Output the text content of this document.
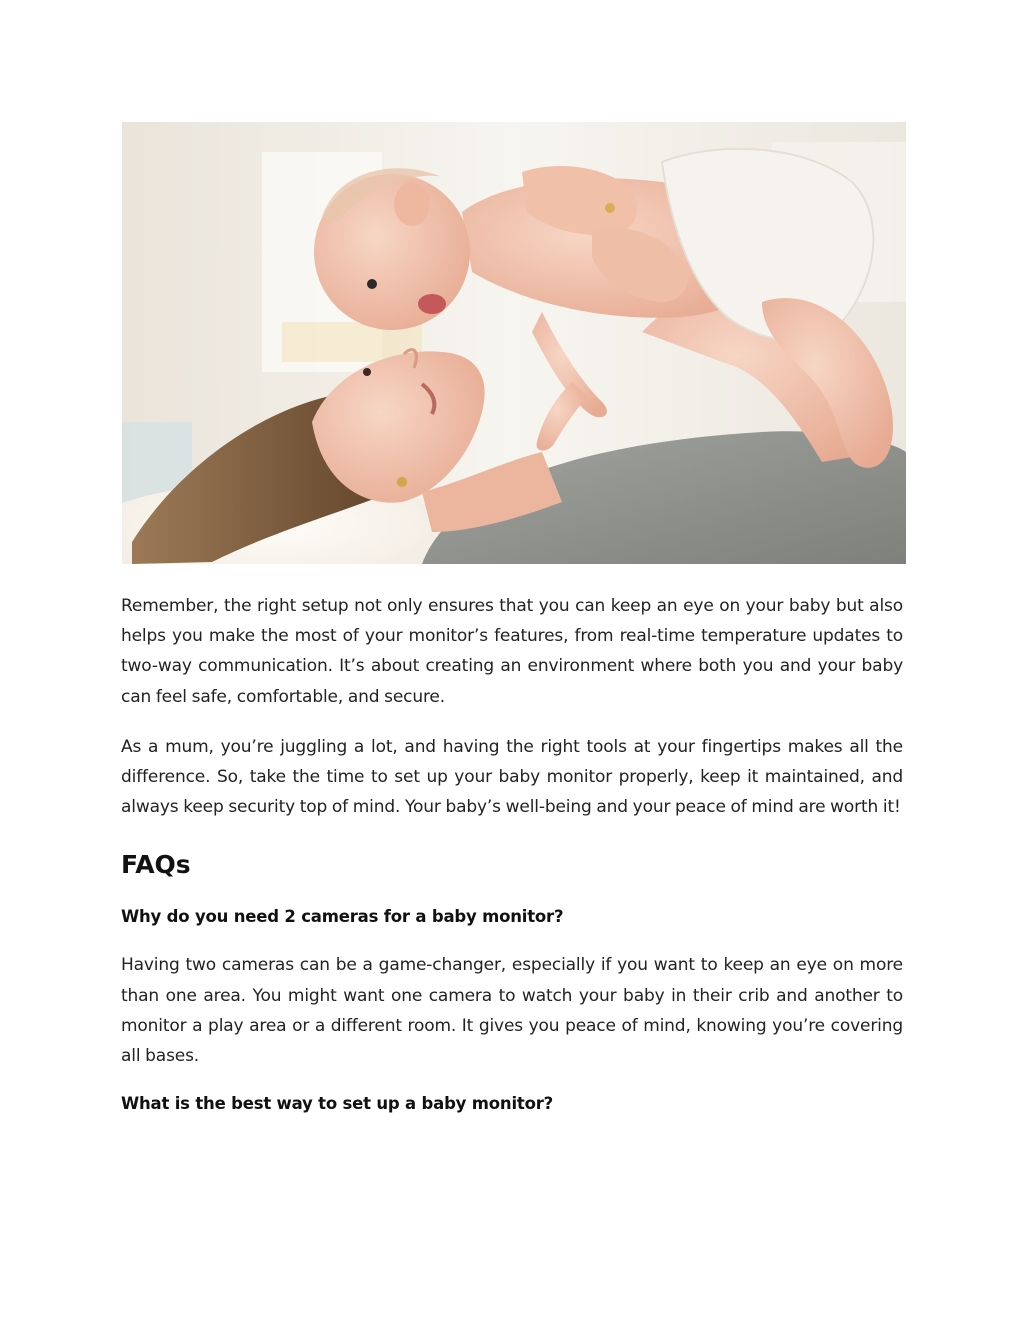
Remember, the right setup not only ensures that you can keep an eye on your baby but also helps you make the most of your monitor’s features, from real-time temperature updates to two-way communication. It’s about creating an environment where both you and your baby can feel safe, comfortable, and secure.

As a mum, you’re juggling a lot, and having the right tools at your fingertips makes all the difference. So, take the time to set up your baby monitor properly, keep it maintained, and always keep security top of mind. Your baby’s well-being and your peace of mind are worth it!

FAQs

Why do you need 2 cameras for a baby monitor?

Having two cameras can be a game-changer, especially if you want to keep an eye on more than one area. You might want one camera to watch your baby in their crib and another to monitor a play area or a different room. It gives you peace of mind, knowing you’re covering all bases.

What is the best way to set up a baby monitor?
